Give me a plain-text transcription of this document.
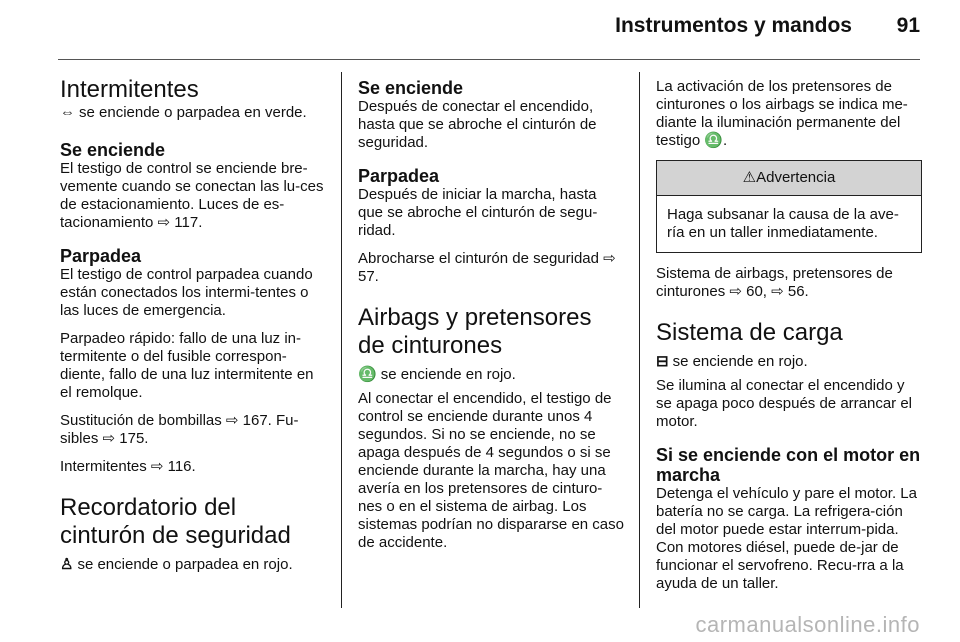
Instrumentos y mandos 91
Intermitentes

⇔ se enciende o parpadea en verde.

Se enciende

El testigo de control se enciende bre-vemente cuando se conectan las lu-ces de estacionamiento. Luces de es-tacionamiento ⇨ 117.

Parpadea

El testigo de control parpadea cuando están conectados los intermi-tentes o las luces de emergencia.

Parpadeo rápido: fallo de una luz in-termitente o del fusible correspon-diente, fallo de una luz intermitente en el remolque.

Sustitución de bombillas ⇨ 167. Fu-sibles ⇨ 175.

Intermitentes ⇨ 116.

Recordatorio del cinturón de seguridad

♙ se enciende o parpadea en rojo.

Se enciende

Después de conectar el encendido, hasta que se abroche el cinturón de seguridad.

Parpadea

Después de iniciar la marcha, hasta que se abroche el cinturón de segu-ridad.

Abrocharse el cinturón de seguridad ⇨ 57.

Airbags y pretensores de cinturones

♎ se enciende en rojo.

Al conectar el encendido, el testigo de control se enciende durante unos 4 segundos. Si no se enciende, no se apaga después de 4 segundos o si se enciende durante la marcha, hay una avería en los pretensores de cinturo-nes o en el sistema de airbag. Los sistemas podrían no dispararse en caso de accidente.

La activación de los pretensores de cinturones o los airbags se indica me-diante la iluminación permanente del testigo ♎.

⚠Advertencia
Haga subsanar la causa de la ave-ría en un taller inmediatamente.

Sistema de airbags, pretensores de cinturones ⇨ 60, ⇨ 56.

Sistema de carga

⊟ se enciende en rojo.

Se ilumina al conectar el encendido y se apaga poco después de arrancar el motor.

Si se enciende con el motor en marcha

Detenga el vehículo y pare el motor. La batería no se carga. La refrigera-ción del motor puede estar interrum-pida. Con motores diésel, puede de-jar de funcionar el servofreno. Recu-rra a la ayuda de un taller.

carmanualsonline.info
